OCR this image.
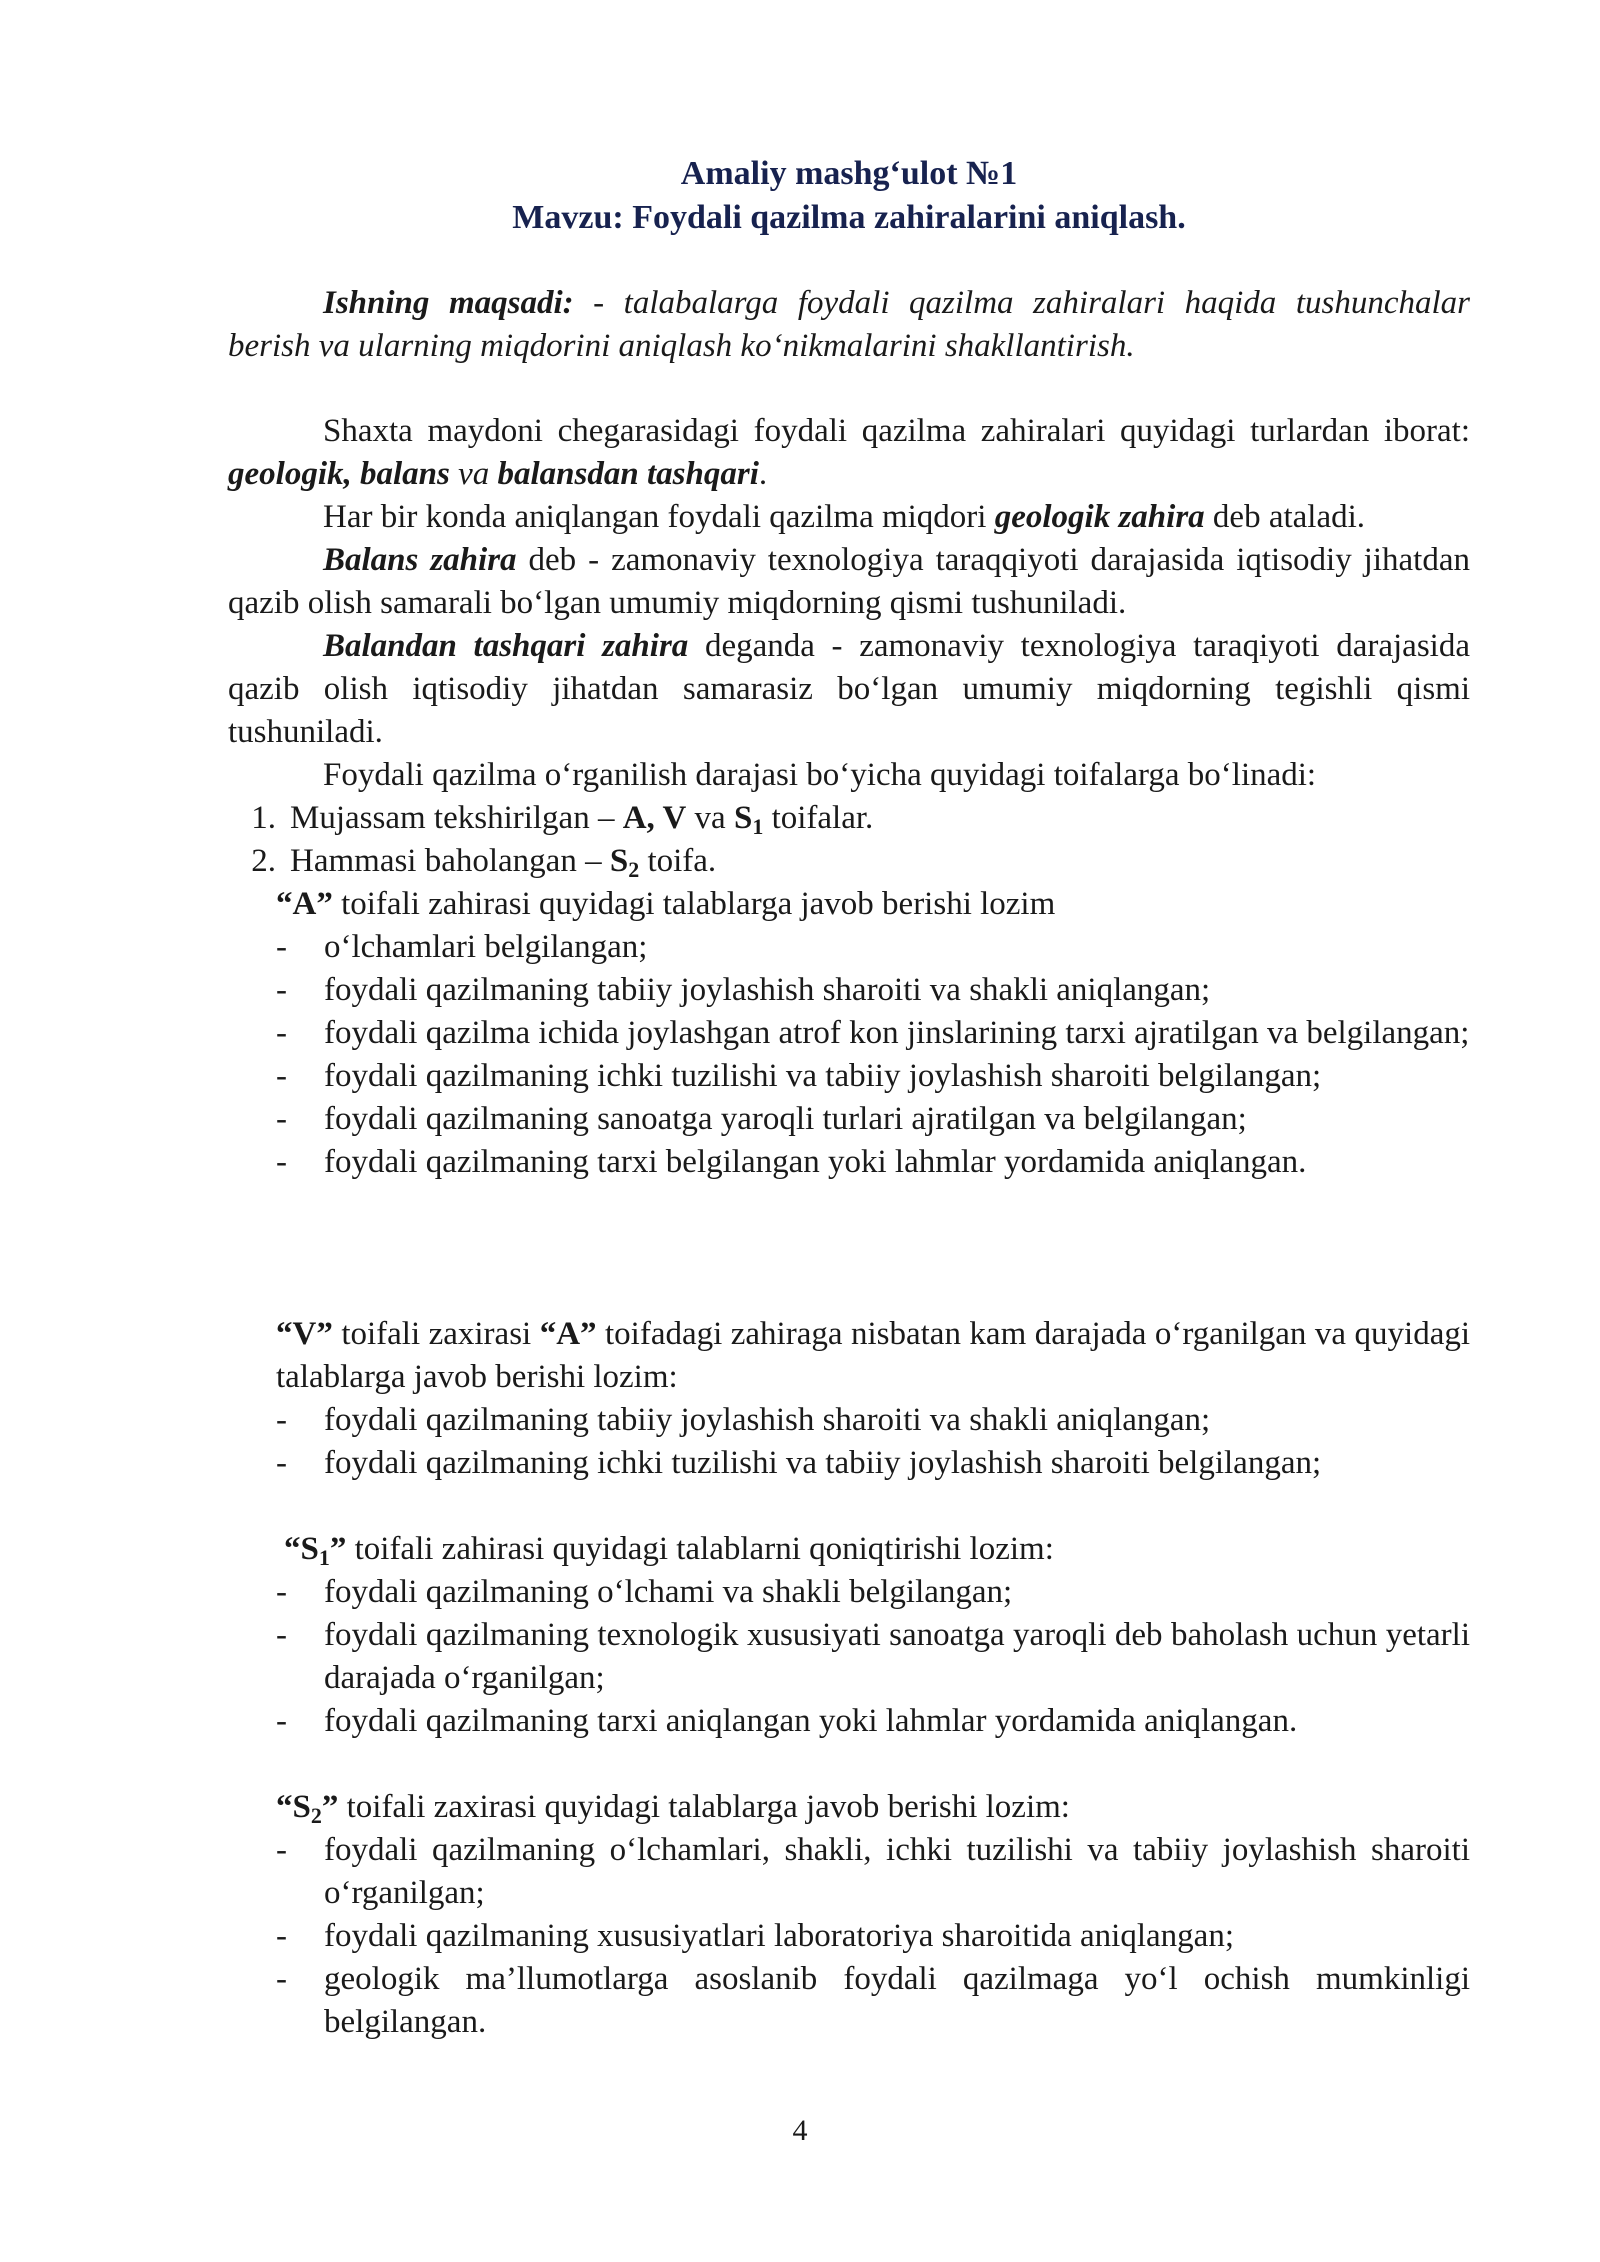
Amaliy mashg‘ulot №1
Mavzu: Foydali qazilma zahiralarini aniqlash.
Ishning maqsadi: - talabalarga foydali qazilma zahiralari haqida tushunchalar berish va ularning miqdorini aniqlash ko‘nikmalarini shakllantirish.
Shaxta maydoni chegarasidagi foydali qazilma zahiralari quyidagi turlardan iborat: geologik, balans va balansdan tashqari.
Har bir konda aniqlangan foydali qazilma miqdori geologik zahira deb ataladi.
Balans zahira deb - zamonaviy texnologiya taraqqiyoti darajasida iqtisodiy jihatdan qazib olish samarali bo‘lgan umumiy miqdorning qismi tushuniladi.
Balandan tashqari zahira deganda - zamonaviy texnologiya taraqiyoti darajasida qazib olish iqtisodiy jihatdan samarasiz bo‘lgan umumiy miqdorning tegishli qismi tushuniladi.
Foydali qazilma o‘rganilish darajasi bo‘yicha quyidagi toifalarga bo‘linadi:
1. Mujassam tekshirilgan – A, V va $S_1$ toifalar.
2. Hammasi baholangan – $S_2$ toifa.
“A” toifali zahirasi quyidagi talablarga javob berishi lozim
-	o‘lchamlari belgilangan;
-	foydali qazilmaning tabiiy joylashish sharoiti va shakli aniqlangan;
-	foydali qazilma ichida joylashgan atrof kon jinslarining tarxi ajratilgan va belgilangan;
-	foydali qazilmaning ichki tuzilishi va tabiiy joylashish sharoiti belgilangan;
-	foydali qazilmaning sanoatga yaroqli turlari ajratilgan va belgilangan;
-	foydali qazilmaning tarxi belgilangan yoki lahmlar yordamida aniqlangan.
“V” toifali zaxirasi “A” toifadagi zahiraga nisbatan kam darajada o‘rganilgan va quyidagi talablarga javob berishi lozim:
-	foydali qazilmaning tabiiy joylashish sharoiti va shakli aniqlangan;
-	foydali qazilmaning ichki tuzilishi va tabiiy joylashish sharoiti belgilangan;
“$S_1$” toifali zahirasi quyidagi talablarni qoniqtirishi lozim:
-	foydali qazilmaning o‘lchami va shakli belgilangan;
-	foydali qazilmaning texnologik xususiyati sanoatga yaroqli deb baholash uchun yetarli darajada o‘rganilgan;
-	foydali qazilmaning tarxi aniqlangan yoki lahmlar yordamida aniqlangan.
“$S_2$” toifali zaxirasi quyidagi talablarga javob berishi lozim:
-	foydali qazilmaning o‘lchamlari, shakli, ichki tuzilishi va tabiiy joylashish sharoiti o‘rganilgan;
-	foydali qazilmaning xususiyatlari laboratoriya sharoitida aniqlangan;
-	geologik ma’llumotlarga asoslanib foydali qazilmaga yo‘l ochish mumkinligi belgilangan.
4
